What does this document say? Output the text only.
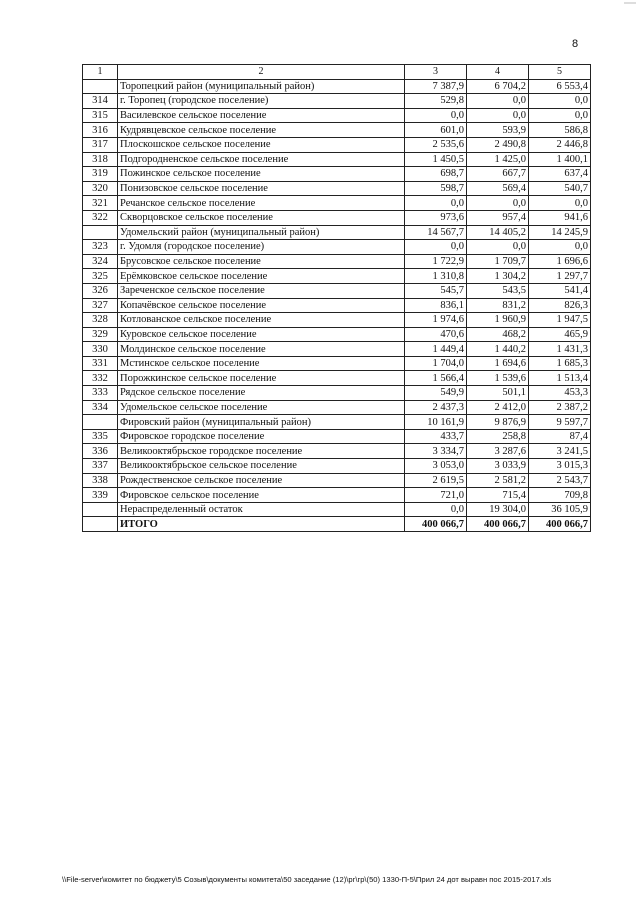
8
1	2	3	4	5
	Торопецкий район (муниципальный район)	7 387,9	6 704,2	6 553,4
314	г. Торопец (городское поселение)	529,8	0,0	0,0
315	Василевское сельское поселение	0,0	0,0	0,0
316	Кудрявцевское сельское поселение	601,0	593,9	586,8
317	Плоскошское сельское поселение	2 535,6	2 490,8	2 446,8
318	Подгородненское сельское поселение	1 450,5	1 425,0	1 400,1
319	Пожинское сельское поселение	698,7	667,7	637,4
320	Понизовское сельское поселение	598,7	569,4	540,7
321	Речанское сельское поселение	0,0	0,0	0,0
322	Скворцовское сельское поселение	973,6	957,4	941,6
	Удомельский район (муниципальный район)	14 567,7	14 405,2	14 245,9
323	г. Удомля (городское поселение)	0,0	0,0	0,0
324	Брусовское сельское поселение	1 722,9	1 709,7	1 696,6
325	Ерёмковское сельское поселение	1 310,8	1 304,2	1 297,7
326	Зареченское сельское поселение	545,7	543,5	541,4
327	Копачёвское сельское поселение	836,1	831,2	826,3
328	Котлованское сельское поселение	1 974,6	1 960,9	1 947,5
329	Куровское сельское поселение	470,6	468,2	465,9
330	Молдинское сельское поселение	1 449,4	1 440,2	1 431,3
331	Мстинское сельское поселение	1 704,0	1 694,6	1 685,3
332	Порожкинское сельское поселение	1 566,4	1 539,6	1 513,4
333	Рядское сельское поселение	549,9	501,1	453,3
334	Удомельское сельское поселение	2 437,3	2 412,0	2 387,2
	Фировский район (муниципальный район)	10 161,9	9 876,9	9 597,7
335	Фировское городское поселение	433,7	258,8	87,4
336	Великооктябрьское городское поселение	3 334,7	3 287,6	3 241,5
337	Великооктябрьское сельское поселение	3 053,0	3 033,9	3 015,3
338	Рождественское сельское поселение	2 619,5	2 581,2	2 543,7
339	Фировское сельское поселение	721,0	715,4	709,8
	Нераспределенный остаток	0,0	19 304,0	36 105,9
	ИТОГО	400 066,7	400 066,7	400 066,7
\\File-server\комитет по бюджету\5 Созыв\документы комитета\50 заседание (12)\рг\гр\(50) 1330-П-5\Прил 24 дот выравн пос 2015-2017.xls
